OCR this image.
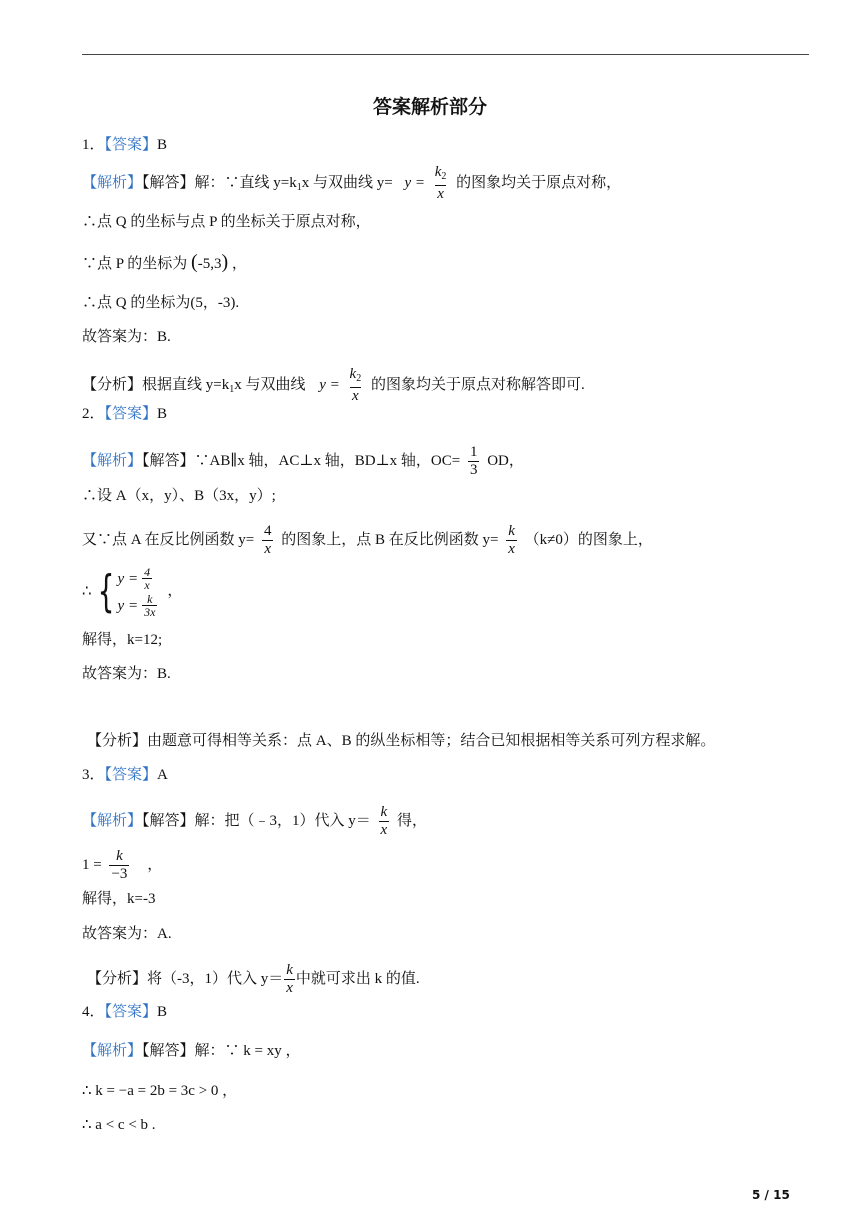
答案解析部分
1．【答案】B
【解析】【解答】解：∵直线 $y=k_1x$ 与双曲线 $y= y = \frac{k_2}{x}$ 的图象均关于原点对称，
∴点 Q 的坐标与点 P 的坐标关于原点对称，
∵点 P 的坐标为 (-5,3) ，
∴点 Q 的坐标为(5，-3).
故答案为：B.
【分析】根据直线 $y=k_1x$ 与双曲线 $y = \frac{k_2}{x}$ 的图象均关于原点对称解答即可.
2．【答案】B
【解析】【解答】∵AB∥x 轴，AC⊥x 轴，BD⊥x 轴，$OC= \frac{1}{3}$ OD，
∴设 A（x，y）、B（3x，y）;
又∵点 A 在反比例函数 $y= \frac{4}{x}$ 的图象上，点 B 在反比例函数 $y= \frac{k}{x} (k\ne 0)$的图象上，
∴ { $y = \frac{4}{x}$
$y = \frac{k}{3x}$
，
解得，k=12;
故答案为：B.
【分析】由题意可得相等关系：点 A、B 的纵坐标相等；结合已知根据相等关系可列方程求解。
3．【答案】A
【解析】【解答】解：把（﹣3，1）代入 $y= \frac{k}{x}$ 得，
$1 = \frac{k}{-3}$ ，
解得，k=-3
故答案为：A.
【分析】将（-3，1）代入 $y= \frac{k}{x}$ 中就可求出 k 的值.
4．【答案】B
【解析】【解答】解：∵ k = xy ，
∴ k = −a = 2b = 3c > 0 ，
∴ a < c < b .
5 / 15
